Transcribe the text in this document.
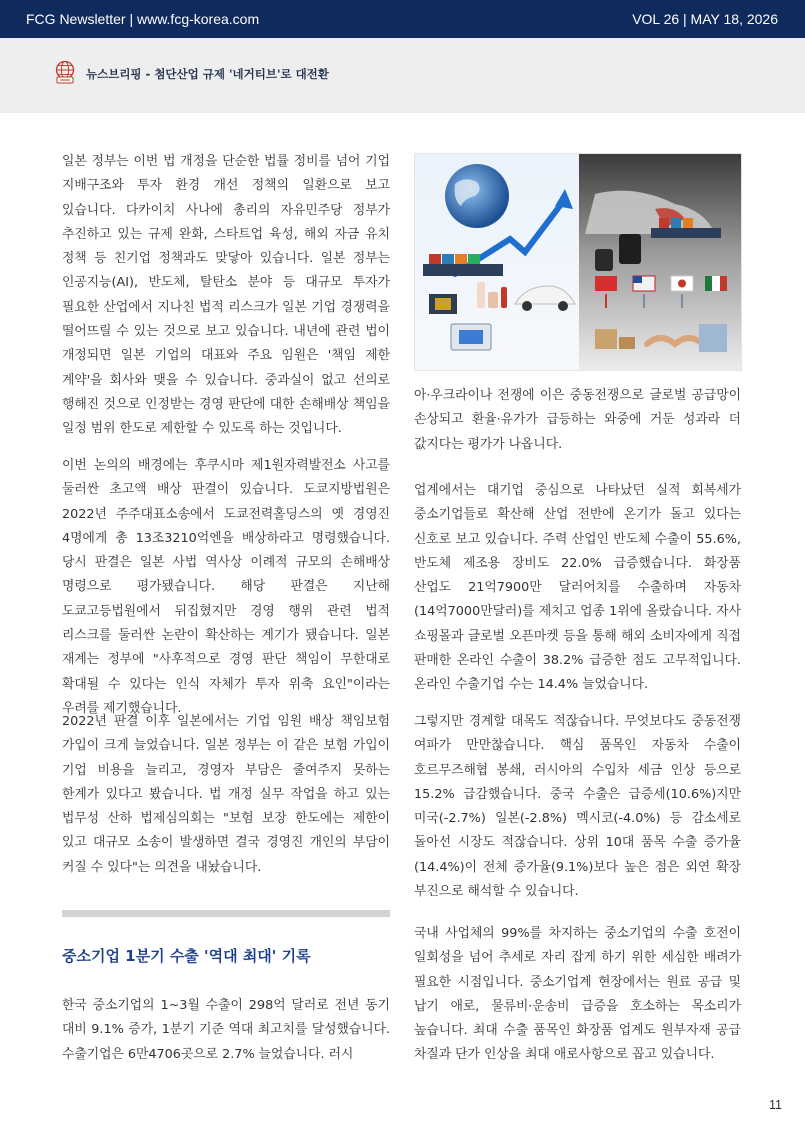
FCG Newsletter | www.fcg-korea.com	VOL 26 | MAY 18, 2026
뉴스브리핑 - 첨단산업 규제 '네거티브'로 대전환

일본 정부는 이번 법 개정을 단순한 법률 정비를 넘어 기업 지배구조와 투자 환경 개선 정책의 일환으로 보고 있습니다. 다카이치 사나에 총리의 자유민주당 정부가 추진하고 있는 규제 완화, 스타트업 육성, 해외 자금 유치 정책 등 친기업 정책과도 맞닿아 있습니다. 일본 정부는 인공지능(AI), 반도체, 탈탄소 분야 등 대규모 투자가 필요한 산업에서 지나친 법적 리스크가 일본 기업 경쟁력을 떨어뜨릴 수 있는 것으로 보고 있습니다. 내년에 관련 법이 개정되면 일본 기업의 대표와 주요 임원은 '책임 제한 계약'을 회사와 맺을 수 있습니다. 중과실이 없고 선의로 행해진 것으로 인정받는 경영 판단에 대한 손해배상 책임을 일정 범위 한도로 제한할 수 있도록 하는 것입니다.

이번 논의의 배경에는 후쿠시마 제1원자력발전소 사고를 둘러싼 초고액 배상 판결이 있습니다. 도쿄지방법원은 2022년 주주대표소송에서 도쿄전력홀딩스의 옛 경영진 4명에게 총 13조3210억엔을 배상하라고 명령했습니다. 당시 판결은 일본 사법 역사상 이례적 규모의 손해배상 명령으로 평가됐습니다. 해당 판결은 지난해 도쿄고등법원에서 뒤집혔지만 경영 행위 관련 법적 리스크를 둘러싼 논란이 확산하는 계기가 됐습니다. 일본 재계는 정부에 "사후적으로 경영 판단 책임이 무한대로 확대될 수 있다는 인식 자체가 투자 위축 요인"이라는 우려를 제기했습니다.

2022년 판결 이후 일본에서는 기업 임원 배상 책임보험 가입이 크게 늘었습니다. 일본 정부는 이 같은 보험 가입이 기업 비용을 늘리고, 경영자 부담은 줄여주지 못하는 한계가 있다고 봤습니다. 법 개정 실무 작업을 하고 있는 법무성 산하 법제심의회는 "보험 보장 한도에는 제한이 있고 대규모 소송이 발생하면 결국 경영진 개인의 부담이 커질 수 있다"는 의견을 내놨습니다.

중소기업 1분기 수출 '역대 최대' 기록

한국 중소기업의 1~3월 수출이 298억 달러로 전년 동기 대비 9.1% 증가, 1분기 기준 역대 최고치를 달성했습니다. 수출기업은 6만4706곳으로 2.7% 늘었습니다. 러시

아·우크라이나 전쟁에 이은 중동전쟁으로 글로벌 공급망이 손상되고 환율·유가가 급등하는 와중에 거둔 성과라 더 값지다는 평가가 나옵니다.

업계에서는 대기업 중심으로 나타났던 실적 회복세가 중소기업들로 확산해 산업 전반에 온기가 돌고 있다는 신호로 보고 있습니다. 주력 산업인 반도체 수출이 55.6%, 반도체 제조용 장비도 22.0% 급증했습니다. 화장품 산업도 21억7900만 달러어치를 수출하며 자동차(14억7000만달러)를 제치고 업종 1위에 올랐습니다. 자사 쇼핑몰과 글로벌 오픈마켓 등을 통해 해외 소비자에게 직접 판매한 온라인 수출이 38.2% 급증한 점도 고무적입니다. 온라인 수출기업 수는 14.4% 늘었습니다.

그렇지만 경계할 대목도 적잖습니다. 무엇보다도 중동전쟁 여파가 만만찮습니다. 핵심 품목인 자동차 수출이 호르무즈해협 봉쇄, 러시아의 수입차 세금 인상 등으로 15.2% 급감했습니다. 중국 수출은 급증세(10.6%)지만 미국(-2.7%) 일본(-2.8%) 멕시코(-4.0%) 등 감소세로 돌아선 시장도 적잖습니다. 상위 10대 품목 수출 증가율(14.4%)이 전체 증가율(9.1%)보다 높은 점은 외연 확장 부진으로 해석할 수 있습니다.

국내 사업체의 99%를 차지하는 중소기업의 수출 호전이 일회성을 넘어 추세로 자리 잡게 하기 위한 세심한 배려가 필요한 시점입니다. 중소기업계 현장에서는 원료 공급 및 납기 애로, 물류비·운송비 급증을 호소하는 목소리가 높습니다. 최대 수출 품목인 화장품 업계도 원부자재 공급 차질과 단가 인상을 최대 애로사항으로 꼽고 있습니다.

11
